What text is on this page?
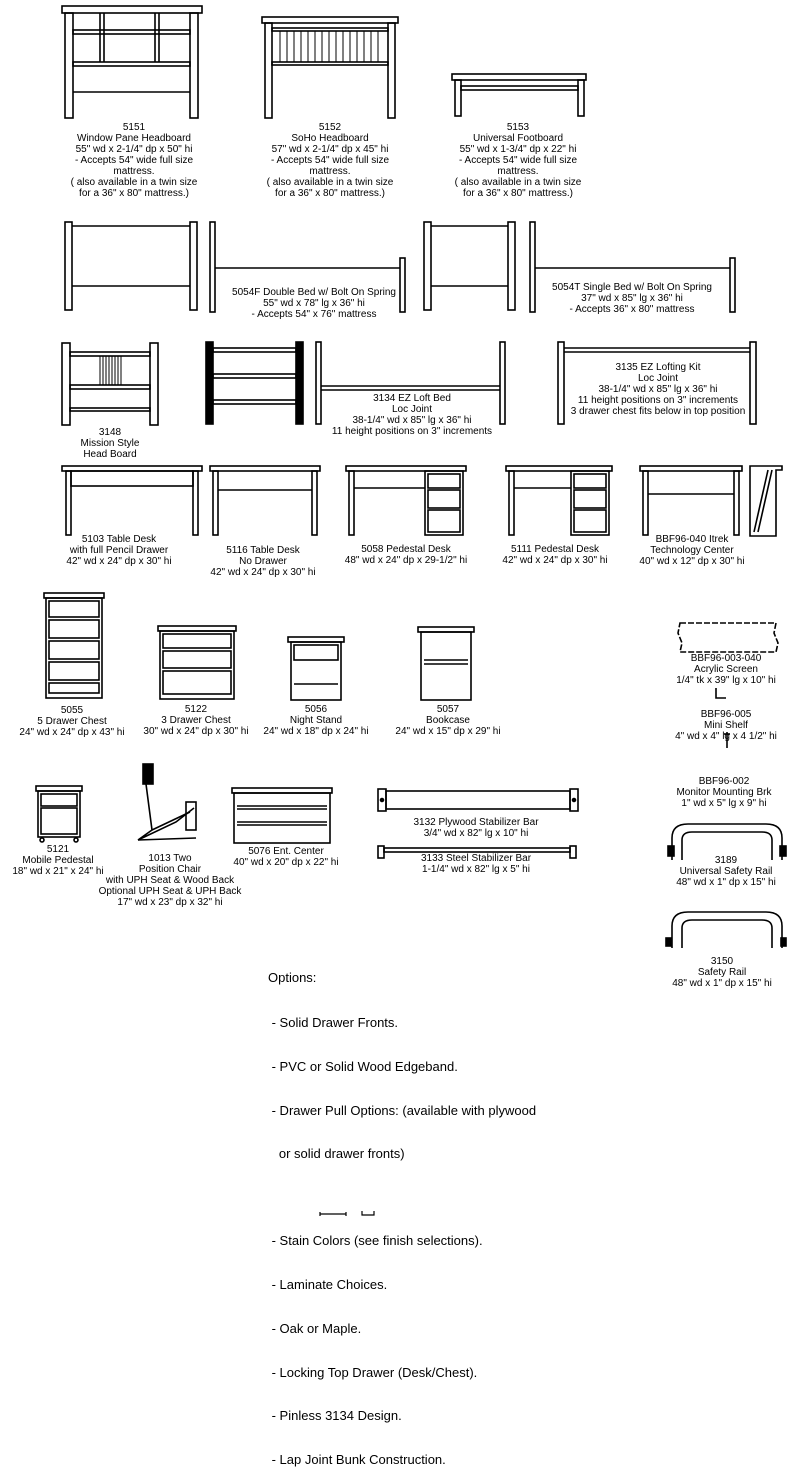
5151
Window Pane Headboard
55" wd x 2-1/4" dp x 50" hi
- Accepts 54" wide full size
mattress.
( also available in a twin size
for a 36" x 80" mattress.)
5152
SoHo Headboard
57" wd x 2-1/4" dp x 45" hi
- Accepts 54" wide full size
mattress.
( also available in a twin size
for a 36" x 80" mattress.)
5153
Universal Footboard
55" wd x 1-3/4" dp x 22" hi
- Accepts 54" wide full size
mattress.
( also available in a twin size
for a 36" x 80" mattress.)
5054F Double Bed w/ Bolt On Spring
55" wd x 78" lg x 36" hi
- Accepts 54" x 76" mattress
5054T Single Bed w/ Bolt On Spring
37" wd x 85" lg x 36" hi
- Accepts 36" x 80" mattress
3148
Mission Style
Head Board
3134 EZ Loft Bed
Loc Joint
38-1/4" wd x 85" lg x 36" hi
11 height positions on 3" increments
3135 EZ Lofting Kit
Loc Joint
38-1/4" wd x 85" lg x 36" hi
11 height positions on 3" increments
3 drawer chest fits below in top position
5103 Table Desk
with full Pencil Drawer
42" wd x 24" dp x 30" hi
5116 Table Desk
No Drawer
42" wd x 24" dp x 30" hi
5058 Pedestal Desk
48" wd x 24" dp x 29-1/2" hi
5111 Pedestal Desk
42" wd x 24" dp x 30" hi
BBF96-040 Itrek
Technology Center
40" wd x 12" dp x 30" hi
5055
5 Drawer Chest
24" wd x 24" dp x 43" hi
5122
3 Drawer Chest
30" wd x 24" dp x 30" hi
5056
Night Stand
24" wd x 18" dp x 24" hi
5057
Bookcase
24" wd x 15" dp x 29" hi
BBF96-003-040
Acrylic Screen
1/4" tk x 39" lg x 10" hi
BBF96-005
Mini Shelf
4" wd x 4" lg x 4 1/2" hi
BBF96-002
Monitor Mounting Brk
1" wd x 5" lg x 9" hi
5121
Mobile Pedestal
18" wd x 21" x 24" hi
1013 Two
Position Chair
with UPH Seat & Wood Back
Optional UPH Seat & UPH Back
17" wd x 23" dp x 32" hi
5076 Ent. Center
40" wd x 20" dp x 22" hi
3132 Plywood Stabilizer Bar
3/4" wd x 82" lg x 10" hi
3133 Steel Stabilizer Bar
1-1/4" wd x 82" lg x 5" hi
3189
Universal Safety Rail
48" wd x 1" dp x 15" hi
3150
Safety Rail
48" wd x 1" dp x 15" hi

Options:

- Solid Drawer Fronts.

- PVC or Solid Wood Edgeband.

- Drawer Pull Options: (available with plywood

or solid drawer fronts)

- Stain Colors (see finish selections).

- Laminate Choices.

- Oak or Maple.

- Locking Top Drawer (Desk/Chest).

- Pinless 3134 Design.

- Lap Joint Bunk Construction.
